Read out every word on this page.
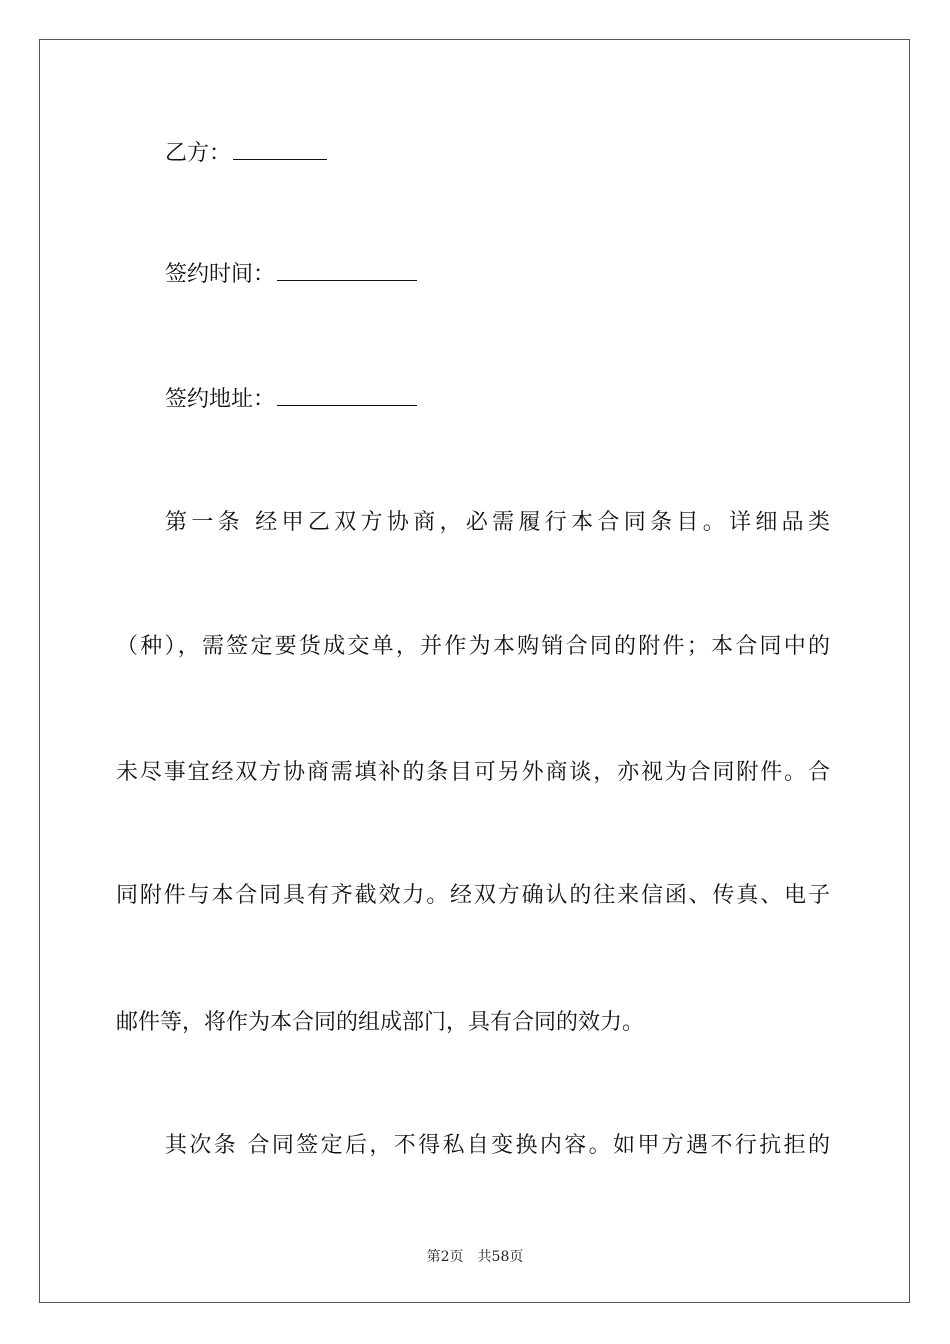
乙方：
签约时间：
签约地址：
第一条 经甲乙双方协商，必需履行本合同条目。详细品类
（种），需签定要货成交单，并作为本购销合同的附件；本合同中的
未尽事宜经双方协商需填补的条目可另外商谈，亦视为合同附件。合
同附件与本合同具有齐截效力。经双方确认的往来信函、传真、电子
邮件等，将作为本合同的组成部门，具有合同的效力。
其次条 合同签定后，不得私自变换内容。如甲方遇不行抗拒的
第2页 共58页
